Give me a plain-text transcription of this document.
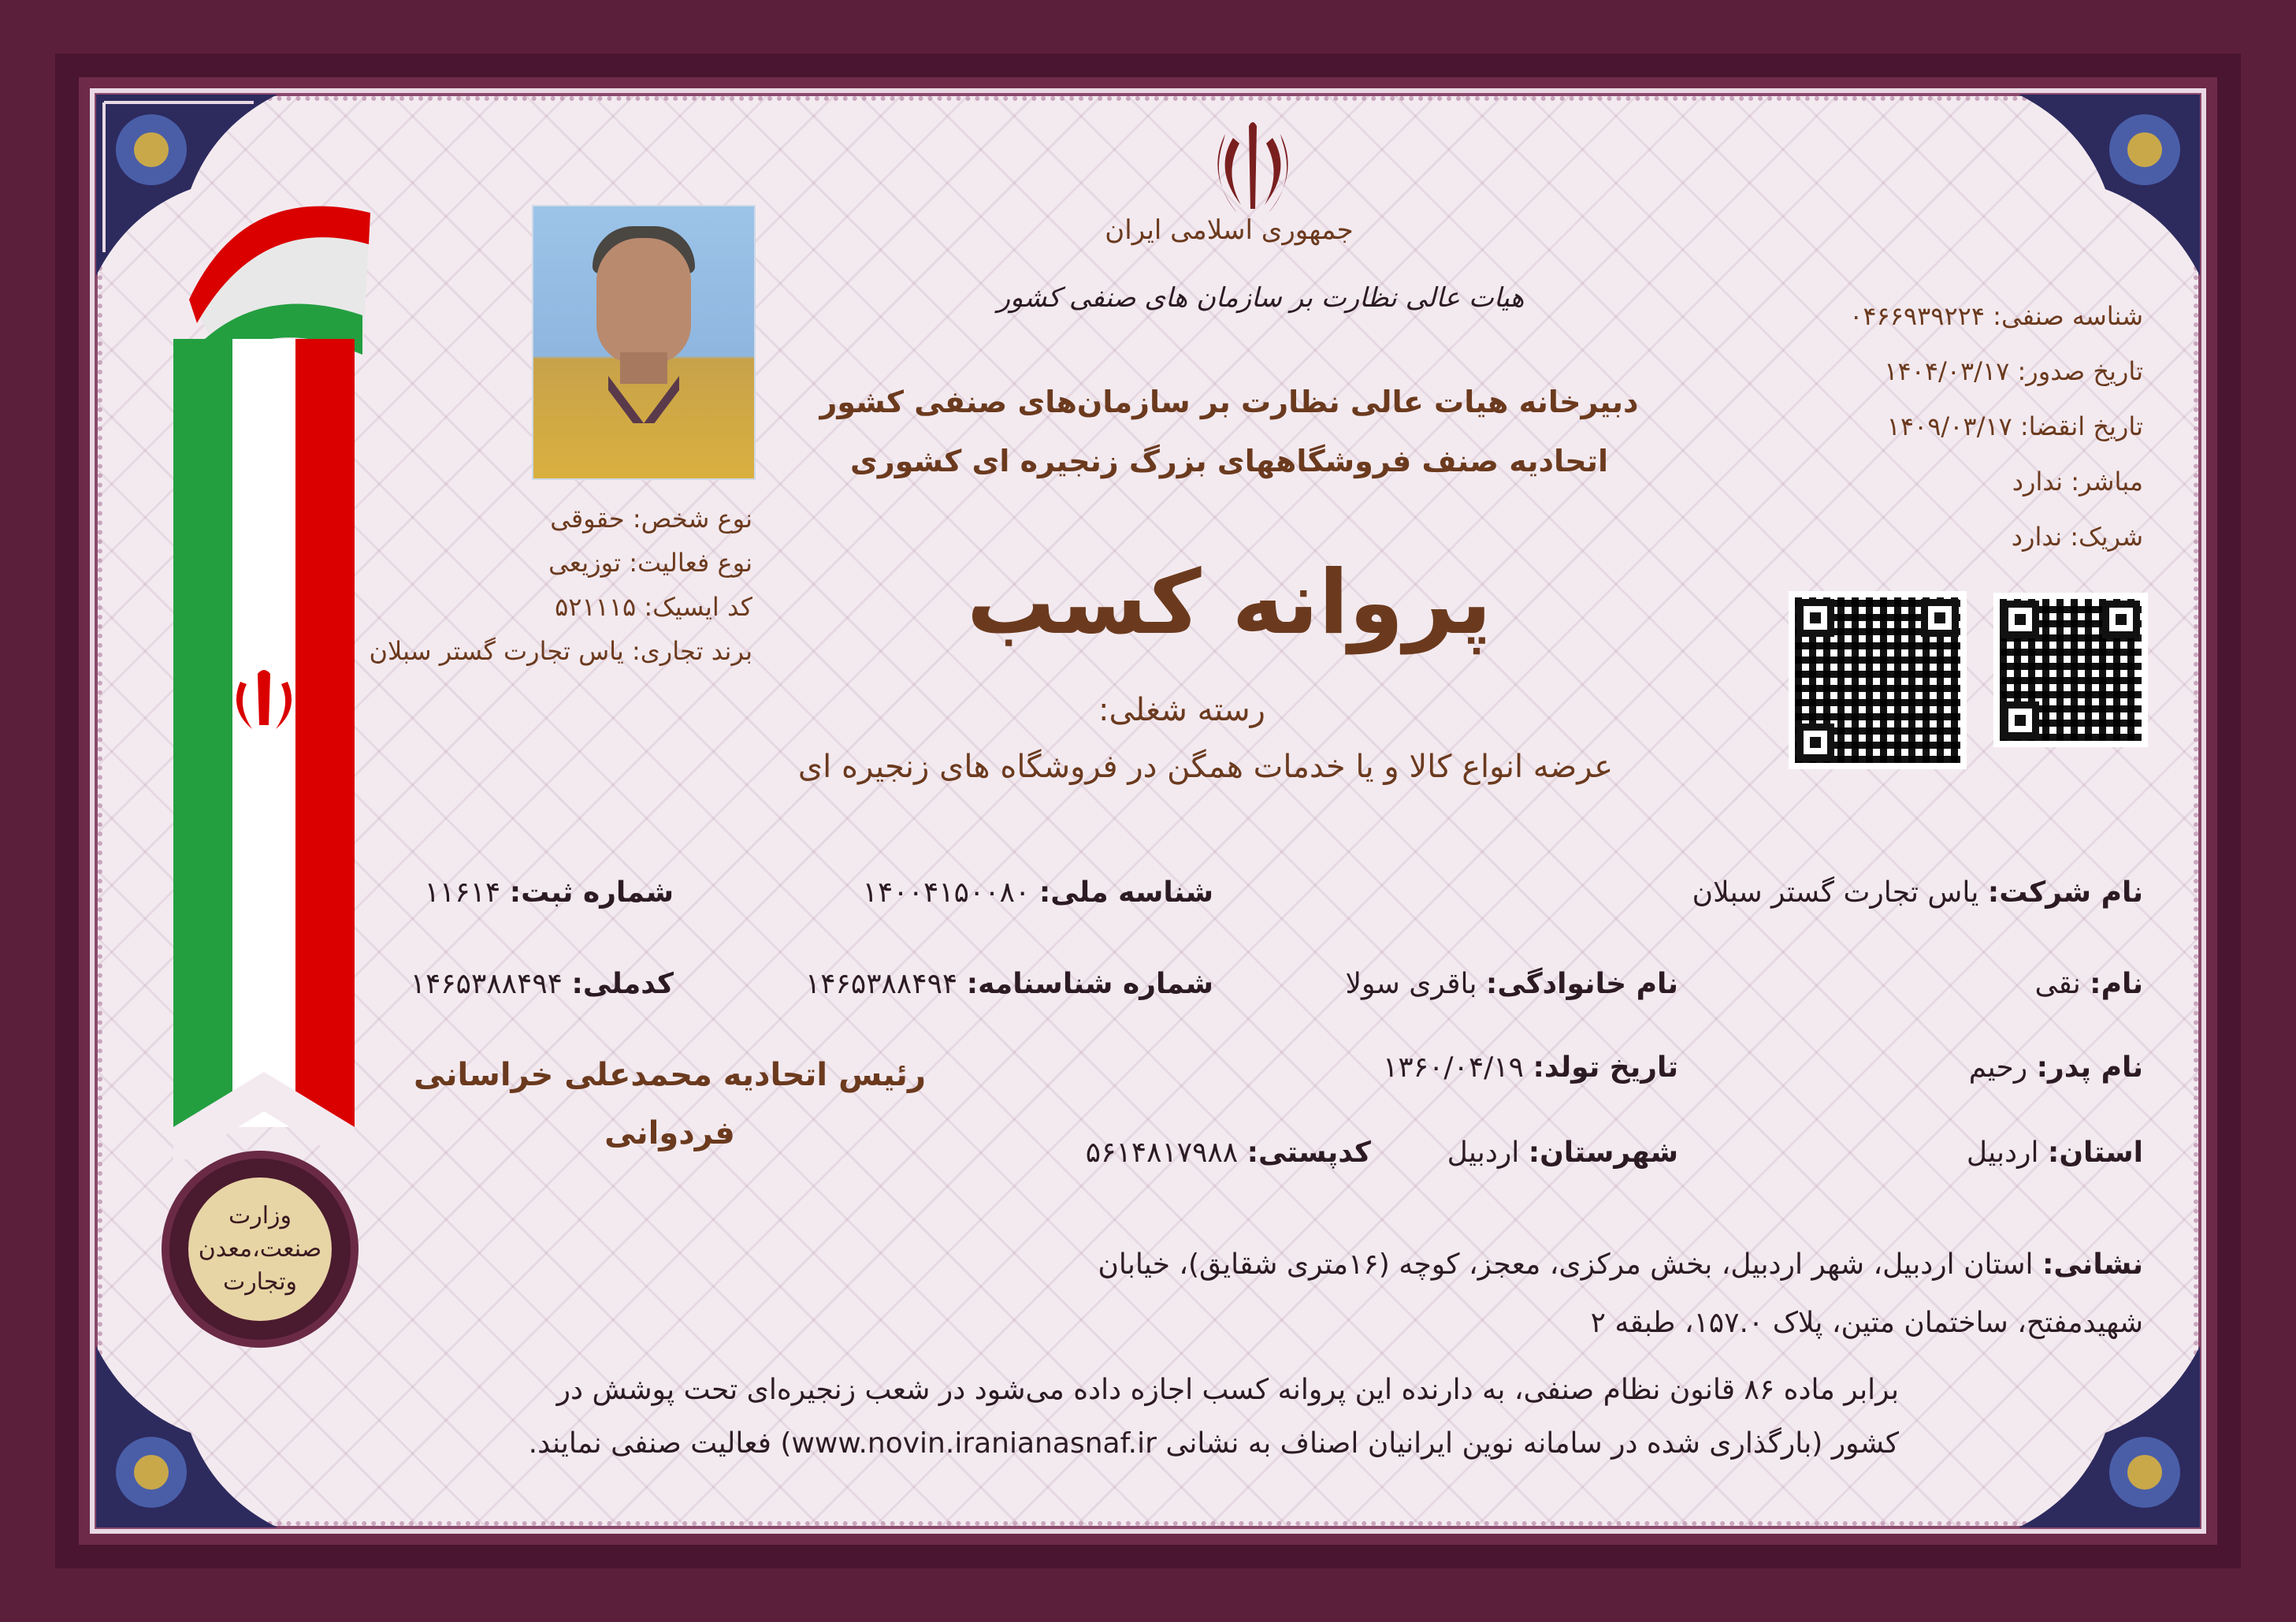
وزارت
صنعت،معدن
وتجارت
جمهوری اسلامی ایران
هیات عالی نظارت بر سازمان های صنفی کشور
دبیرخانه هیات عالی نظارت بر سازمان‌های صنفی کشور
اتحادیه صنف فروشگاههای بزرگ زنجیره ای کشوری
پروانه کسب
رسته شغلی:
عرضه انواع کالا و یا خدمات همگن در فروشگاه های زنجیره ای
شناسه صنفی: ۰۴۶۶۹۳۹۲۲۴
تاریخ صدور: ۱۴۰۴/۰۳/۱۷
تاریخ انقضا: ۱۴۰۹/۰۳/۱۷
مباشر: ندارد
شریک: ندارد
نوع شخص: حقوقی
نوع فعالیت: توزیعی
کد ایسیک: ۵۲۱۱۱۵
برند تجاری: یاس تجارت گستر سبلان
نام شرکت: یاس تجارت گستر سبلان
شناسه ملی: ۱۴۰۰۴۱۵۰۰۸۰
شماره ثبت: ۱۱۶۱۴
نام: نقی
نام خانوادگی: باقری سولا
شماره شناسنامه: ۱۴۶۵۳۸۸۴۹۴
کدملی: ۱۴۶۵۳۸۸۴۹۴
نام پدر: رحیم
تاریخ تولد: ۱۳۶۰/۰۴/۱۹
استان: اردبیل
شهرستان: اردبیل
کدپستی: ۵۶۱۴۸۱۷۹۸۸
رئیس اتحادیه محمدعلی خراسانی
فردوانی
نشانی: استان اردبیل، شهر اردبیل، بخش مرکزی، معجز، کوچه (۱۶متری شقایق)، خیابان
شهیدمفتح، ساختمان متین، پلاک ۱۵۷.۰، طبقه ۲
برابر ماده ۸۶ قانون نظام صنفی، به دارنده این پروانه کسب اجازه داده می‌شود در شعب زنجیره‌ای تحت پوشش در
کشور (بارگذاری شده در سامانه نوین ایرانیان اصناف به نشانی www.novin.iranianasnaf.ir) فعالیت صنفی نمایند.
